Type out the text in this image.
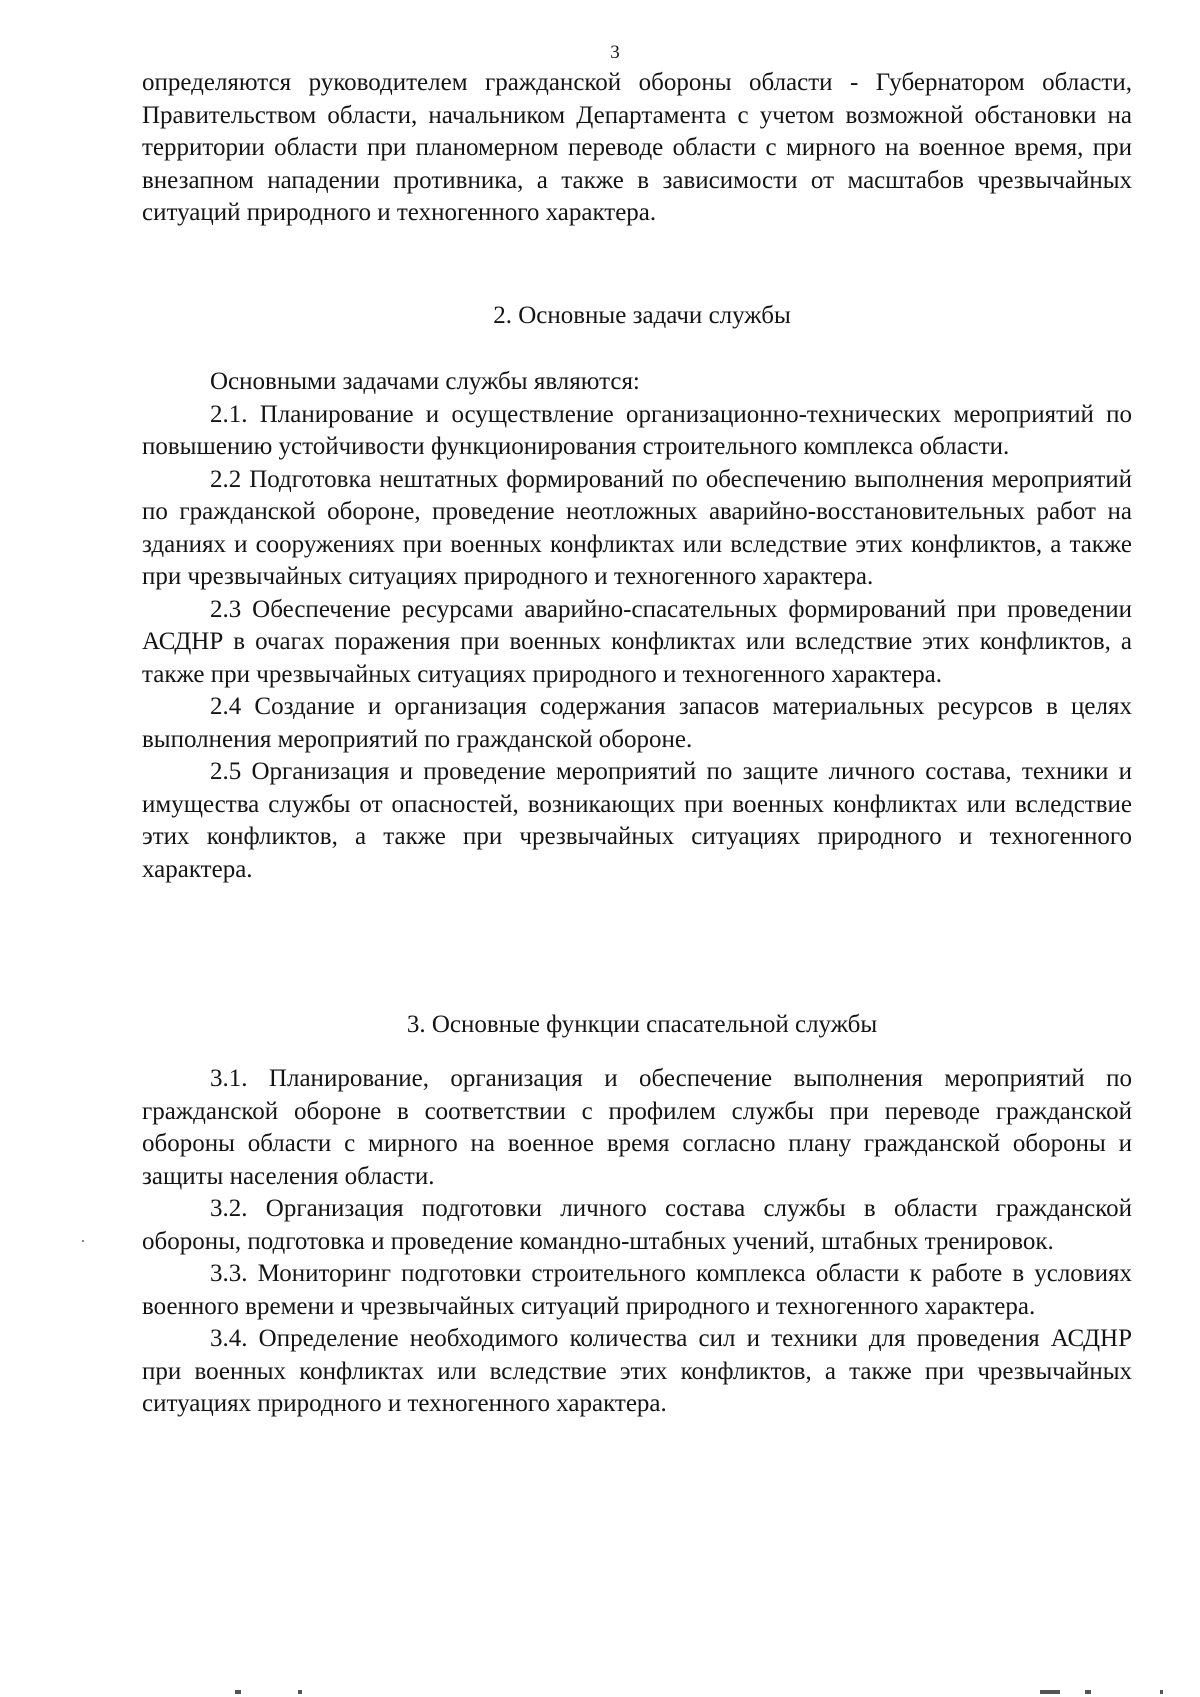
3

определяются руководителем гражданской обороны области - Губернатором области, Правительством области, начальником Департамента с учетом возможной обстановки на территории области при планомерном переводе области с мирного на военное время, при внезапном нападении противника, а также в зависимости от масштабов чрезвычайных ситуаций природного и техногенного характера.

2. Основные задачи службы

Основными задачами службы являются:

2.1. Планирование и осуществление организационно-технических мероприятий по повышению устойчивости функционирования строительного комплекса области.

2.2 Подготовка нештатных формирований по обеспечению выполнения мероприятий по гражданской обороне, проведение неотложных аварийно-восстановительных работ на зданиях и сооружениях при военных конфликтах или вследствие этих конфликтов, а также при чрезвычайных ситуациях природного и техногенного характера.

2.3 Обеспечение ресурсами аварийно-спасательных формирований при проведении АСДНР в очагах поражения при военных конфликтах или вследствие этих конфликтов, а также при чрезвычайных ситуациях природного и техногенного характера.

2.4 Создание и организация содержания запасов материальных ресурсов в целях выполнения мероприятий по гражданской обороне.

2.5 Организация и проведение мероприятий по защите личного состава, техники и имущества службы от опасностей, возникающих при военных конфликтах или вследствие этих конфликтов, а также при чрезвычайных ситуациях природного и техногенного характера.

3. Основные функции спасательной службы

3.1. Планирование, организация и обеспечение выполнения мероприятий по гражданской обороне в соответствии с профилем службы при переводе гражданской обороны области с мирного на военное время согласно плану гражданской обороны и защиты населения области.

3.2. Организация подготовки личного состава службы в области гражданской обороны, подготовка и проведение командно-штабных учений, штабных тренировок.

3.3. Мониторинг подготовки строительного комплекса области к работе в условиях военного времени и чрезвычайных ситуаций природного и техногенного характера.

3.4. Определение необходимого количества сил и техники для проведения АСДНР при военных конфликтах или вследствие этих конфликтов, а также при чрезвычайных ситуациях природного и техногенного характера.
